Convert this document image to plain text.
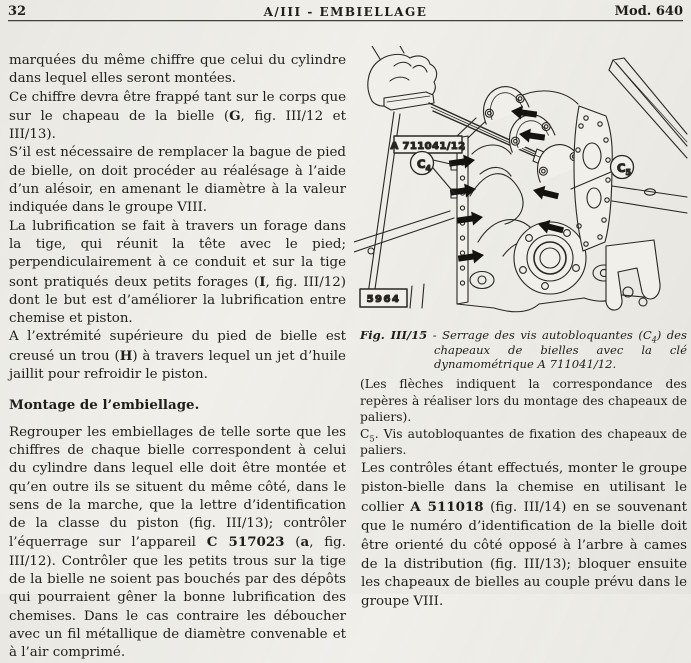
32	A/III - EMBIELLAGE	Mod. 640

marquées du même chiffre que celui du cylindre dans lequel elles seront montées.

Ce chiffre devra être frappé tant sur le corps que sur le chapeau de la bielle (G, fig. III/12 et III/13).

S’il est nécessaire de remplacer la bague de pied de bielle, on doit procéder au réalésage à l’aide d’un alésoir, en amenant le diamètre à la valeur indiquée dans le groupe VIII.

La lubrification se fait à travers un forage dans la tige, qui réunit la tête avec le pied; perpendiculairement à ce conduit et sur la tige sont pratiqués deux petits forages (I, fig. III/12) dont le but est d’améliorer la lubrification entre chemise et piston.

A l’extrémité supérieure du pied de bielle est creusé un trou (H) à travers lequel un jet d’huile jaillit pour refroidir le piston.

Montage de l’embiellage.

Regrouper les embiellages de telle sorte que les chiffres de chaque bielle correspondent à celui du cylindre dans lequel elle doit être montée et qu’en outre ils se situent du même côté, dans le sens de la marche, que la lettre d’identification de la classe du piston (fig. III/13); contrôler l’équerrage sur l’appareil C 517023 (a, fig. III/12). Contrôler que les petits trous sur la tige de la bielle ne soient pas bouchés par des dépôts qui pourraient gêner la bonne lubrification des chemises. Dans le cas contraire les déboucher avec un fil métallique de diamètre convenable et à l’air comprimé.

A 711041/12
$C_4$	$C_5$
5964

Fig. III/15 - Serrage des vis autobloquantes $(C_4)$ des chapeaux de bielles avec la clé dynamométrique A 711041/12.

(Les flèches indiquent la correspondance des repères à réaliser lors du montage des chapeaux de paliers).

$C_5$. Vis autobloquantes de fixation des chapeaux de paliers.

Les contrôles étant effectués, monter le groupe piston-bielle dans la chemise en utilisant le collier A 511018 (fig. III/14) en se souvenant que le numéro d’identification de la bielle doit être orienté du côté opposé à l’arbre à cames de la distribution (fig. III/13); bloquer ensuite les chapeaux de bielles au couple prévu dans le groupe VIII.
